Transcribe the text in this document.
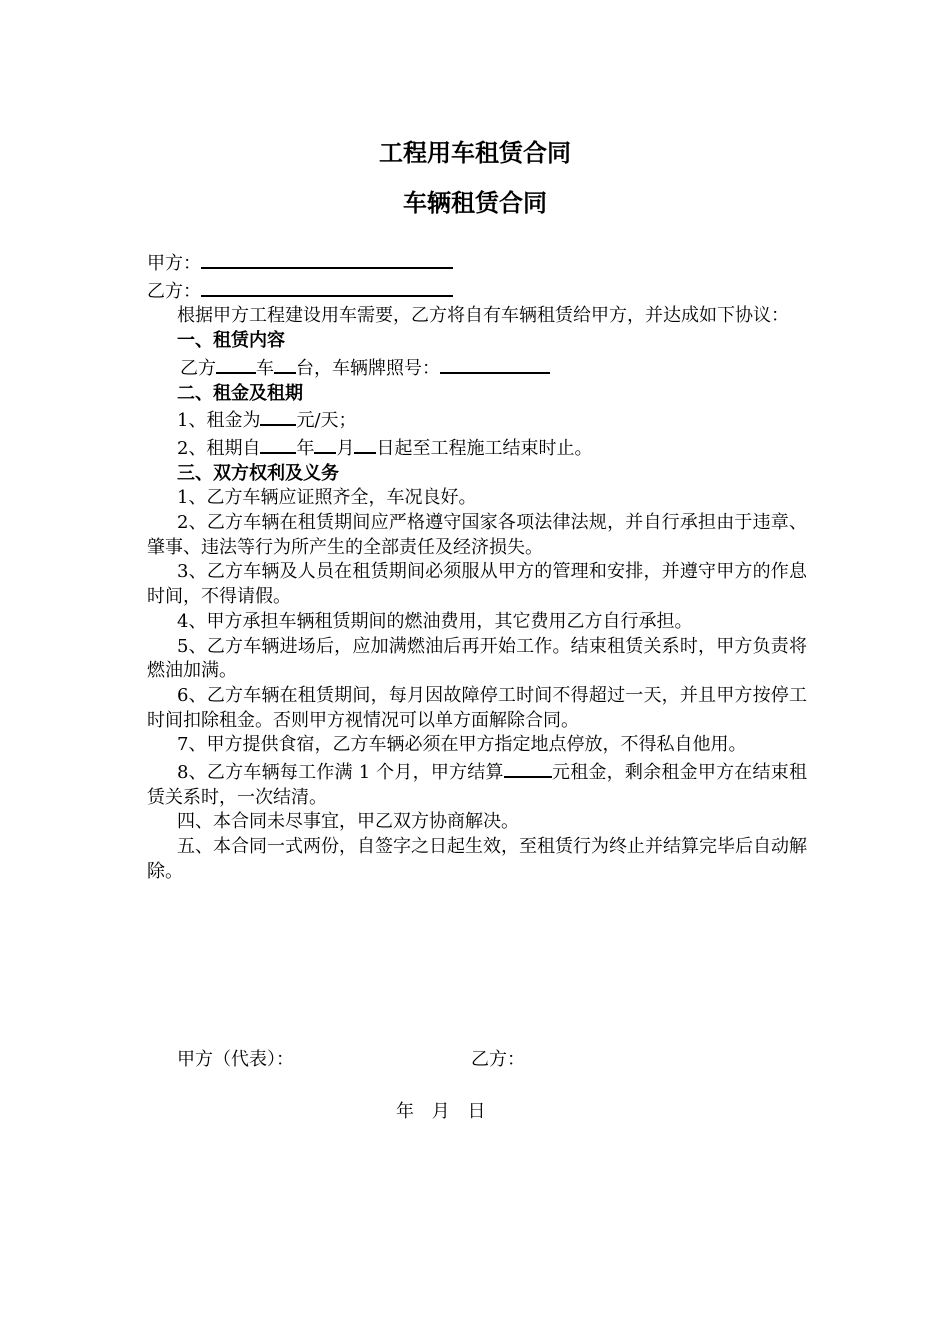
工程用车租赁合同
车辆租赁合同
甲方：
乙方：
根据甲方工程建设用车需要，乙方将自有车辆租赁给甲方，并达成如下协议：
一、租赁内容
乙方 车 台，车辆牌照号：
二、租金及租期
1、租金为 元/天；
2、租期自 年 月 日起至工程施工结束时止。
三、双方权利及义务
1、乙方车辆应证照齐全，车况良好。
2、乙方车辆在租赁期间应严格遵守国家各项法律法规，并自行承担由于违章、肇事、违法等行为所产生的全部责任及经济损失。
3、乙方车辆及人员在租赁期间必须服从甲方的管理和安排，并遵守甲方的作息时间，不得请假。
4、甲方承担车辆租赁期间的燃油费用，其它费用乙方自行承担。
5、乙方车辆进场后，应加满燃油后再开始工作。结束租赁关系时，甲方负责将燃油加满。
6、乙方车辆在租赁期间，每月因故障停工时间不得超过一天，并且甲方按停工时间扣除租金。否则甲方视情况可以单方面解除合同。
7、甲方提供食宿，乙方车辆必须在甲方指定地点停放，不得私自他用。
8、乙方车辆每工作满 1 个月，甲方结算	元租金，剩余租金甲方在结束租赁关系时，一次结清。
四、本合同未尽事宜，甲乙双方协商解决。
五、本合同一式两份，自签字之日起生效，至租赁行为终止并结算完毕后自动解除。
甲方（代表）：	乙方：
年 月 日
